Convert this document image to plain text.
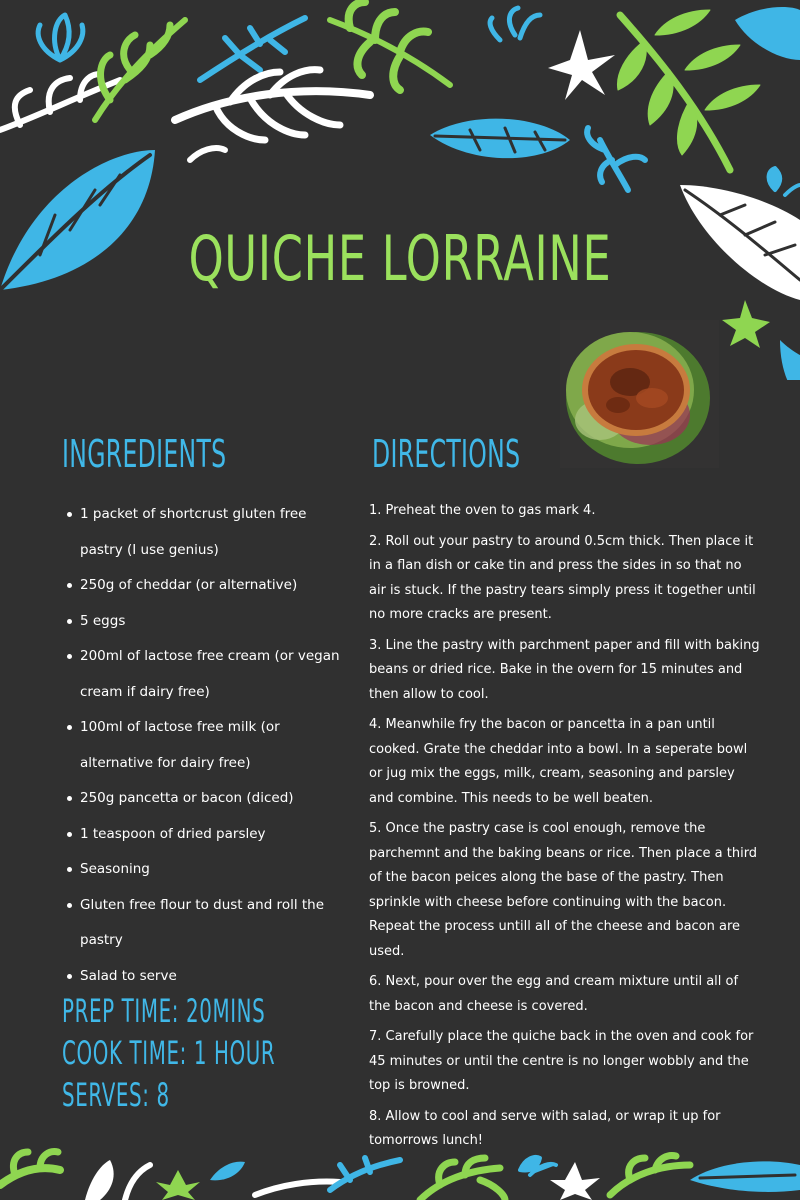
QUICHE LORRAINE
INGREDIENTS	DIRECTIONS
1 packet of shortcrust gluten free pastry (I use genius)
250g of cheddar (or alternative)
5 eggs
200ml of lactose free cream (or vegan cream if dairy free)
100ml of lactose free milk (or alternative for dairy free)
250g pancetta or bacon (diced)
1 teaspoon of dried parsley
Seasoning
Gluten free flour to dust and roll the pastry
Salad to serve

1. Preheat the oven to gas mark 4.

2. Roll out your pastry to around 0.5cm thick. Then place it in a flan dish or cake tin and press the sides in so that no air is stuck. If the pastry tears simply press it together until no more cracks are present.

3. Line the pastry with parchment paper and fill with baking beans or dried rice. Bake in the overn for 15 minutes and then allow to cool.

4. Meanwhile fry the bacon or pancetta in a pan until cooked. Grate the cheddar into a bowl. In a seperate bowl or jug mix the eggs, milk, cream, seasoning and parsley and combine. This needs to be well beaten.

5. Once the pastry case is cool enough, remove the parchemnt and the baking beans or rice. Then place a third of the bacon peices along the base of the pastry. Then sprinkle with cheese before continuing with the bacon. Repeat the process untill all of the cheese and bacon are used.

6. Next, pour over the egg and cream mixture until all of the bacon and cheese is covered.

7. Carefully place the quiche back in the oven and cook for 45 minutes or until the centre is no longer wobbly and the top is browned.

8. Allow to cool and serve with salad, or wrap it up for tomorrows lunch!

PREP TIME: 20MINS
COOK TIME: 1 HOUR
SERVES: 8
